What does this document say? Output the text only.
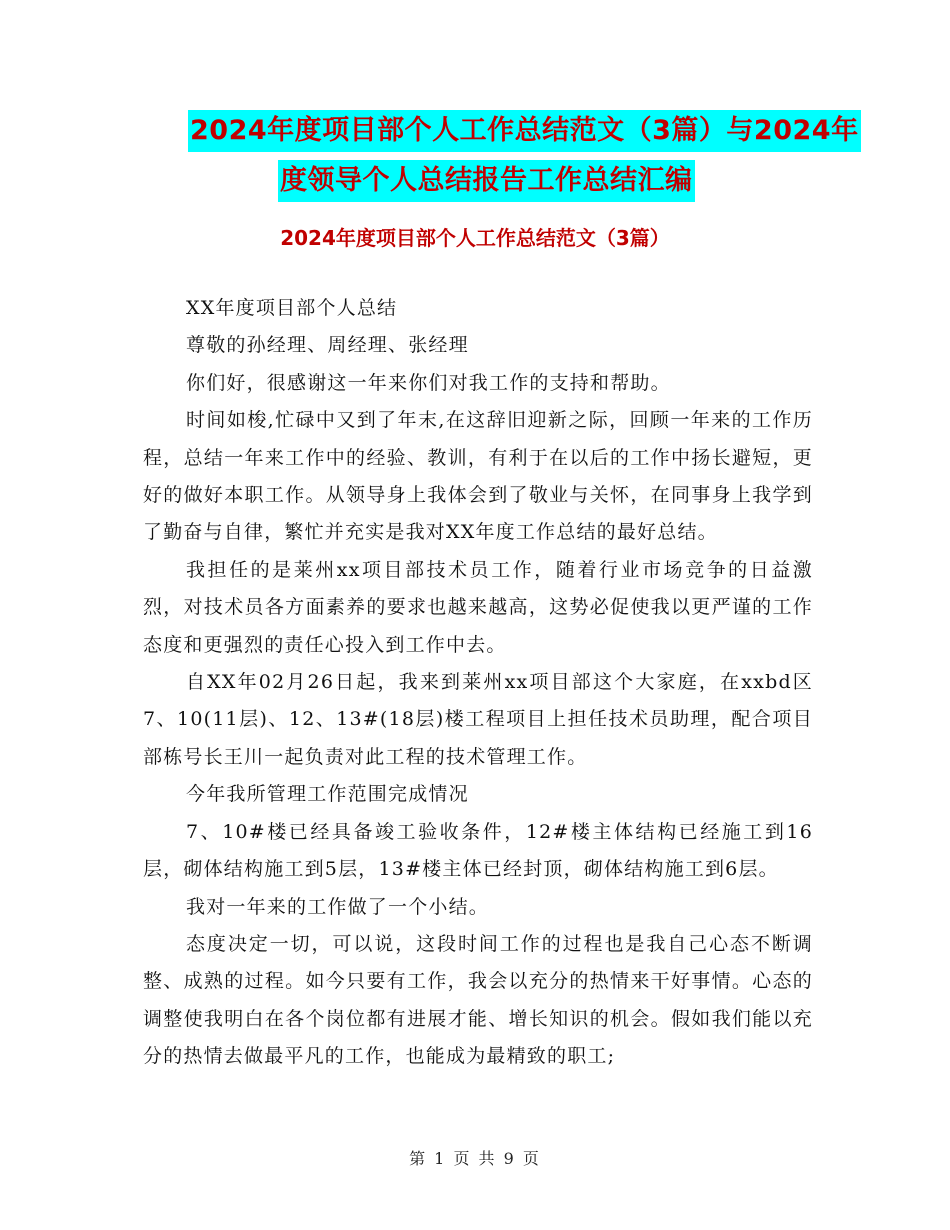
2024年度项目部个人工作总结范文（3篇）与2024年
度领导个人总结报告工作总结汇编
2024年度项目部个人工作总结范文（3篇）

XX年度项目部个人总结

尊敬的孙经理、周经理、张经理

你们好，很感谢这一年来你们对我工作的支持和帮助。

时间如梭,忙碌中又到了年末,在这辞旧迎新之际，回顾一年来的工作历程，总结一年来工作中的经验、教训，有利于在以后的工作中扬长避短，更好的做好本职工作。从领导身上我体会到了敬业与关怀，在同事身上我学到了勤奋与自律，繁忙并充实是我对XX年度工作总结的最好总结。

我担任的是莱州xx项目部技术员工作，随着行业市场竞争的日益激烈，对技术员各方面素养的要求也越来越高，这势必促使我以更严谨的工作态度和更强烈的责任心投入到工作中去。

自XX年02月26日起，我来到莱州xx项目部这个大家庭，在xxbd区7、10(11层)、12、13#(18层)楼工程项目上担任技术员助理，配合项目部栋号长王川一起负责对此工程的技术管理工作。

今年我所管理工作范围完成情况

7、10#楼已经具备竣工验收条件，12#楼主体结构已经施工到16层，砌体结构施工到5层，13#楼主体已经封顶，砌体结构施工到6层。

我对一年来的工作做了一个小结。

态度决定一切，可以说，这段时间工作的过程也是我自己心态不断调整、成熟的过程。如今只要有工作，我会以充分的热情来干好事情。心态的调整使我明白在各个岗位都有进展才能、增长知识的机会。假如我们能以充分的热情去做最平凡的工作，也能成为最精致的职工;

第 1 页 共 9 页
